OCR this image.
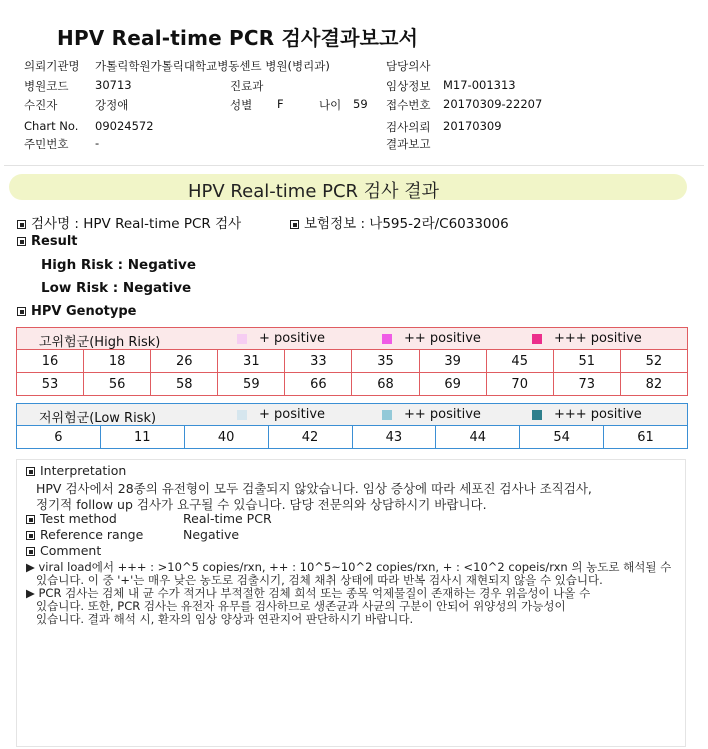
HPV Real-time PCR 검사결과보고서
의뢰기관명 가톨릭학원가톨릭대학교병동센트 병원(병리과)	담당의사
병원코드 30713	진료과	임상정보 M17-001313
수진자	강정애	성별 F	나이 59 접수번호 20170309-22207
Chart No. 09024572	검사의뢰 20170309
주민번호 -	결과보고
HPV Real-time PCR 검사 결과
검사명 : HPV Real-time PCR 검사	보험정보 : 나595-2라/C6033006
Result
High Risk : Negative
Low Risk : Negative
HPV Genotype
고위험군(High Risk)	+ positive	++ positive	+++ positive
16	18	26	31	33	35	39	45	51	52
53	56	58	59	66	68	69	70	73	82
저위험군(Low Risk)	+ positive	++ positive	+++ positive
6	11	40	42	43	44	54	61
Interpretation
HPV 검사에서 28종의 유전형이 모두 검출되지 않았습니다. 임상 증상에 따라 세포진 검사나 조직검사,
정기적 follow up 검사가 요구될 수 있습니다. 담당 전문의와 상담하시기 바랍니다.
Test method	Real-time PCR
Reference range	Negative
Comment
▶ viral load에서 +++ : >10^5 copies/rxn, ++ : 10^5~10^2 copies/rxn, + : <10^2 copeis/rxn 의 농도로 해석될 수
있습니다. 이 중 '+'는 매우 낮은 농도로 검출시기, 검체 채취 상태에 따라 반복 검사시 재현되지 않을 수 있습니다.
▶ PCR 검사는 검체 내 균 수가 적거나 부적절한 검체 희석 또는 종목 억제물질이 존재하는 경우 위음성이 나올 수
있습니다. 또한, PCR 검사는 유전자 유무를 검사하므로 생존균과 사균의 구분이 안되어 위양성의 가능성이
있습니다. 결과 해석 시, 환자의 임상 양상과 연관지어 판단하시기 바랍니다.
